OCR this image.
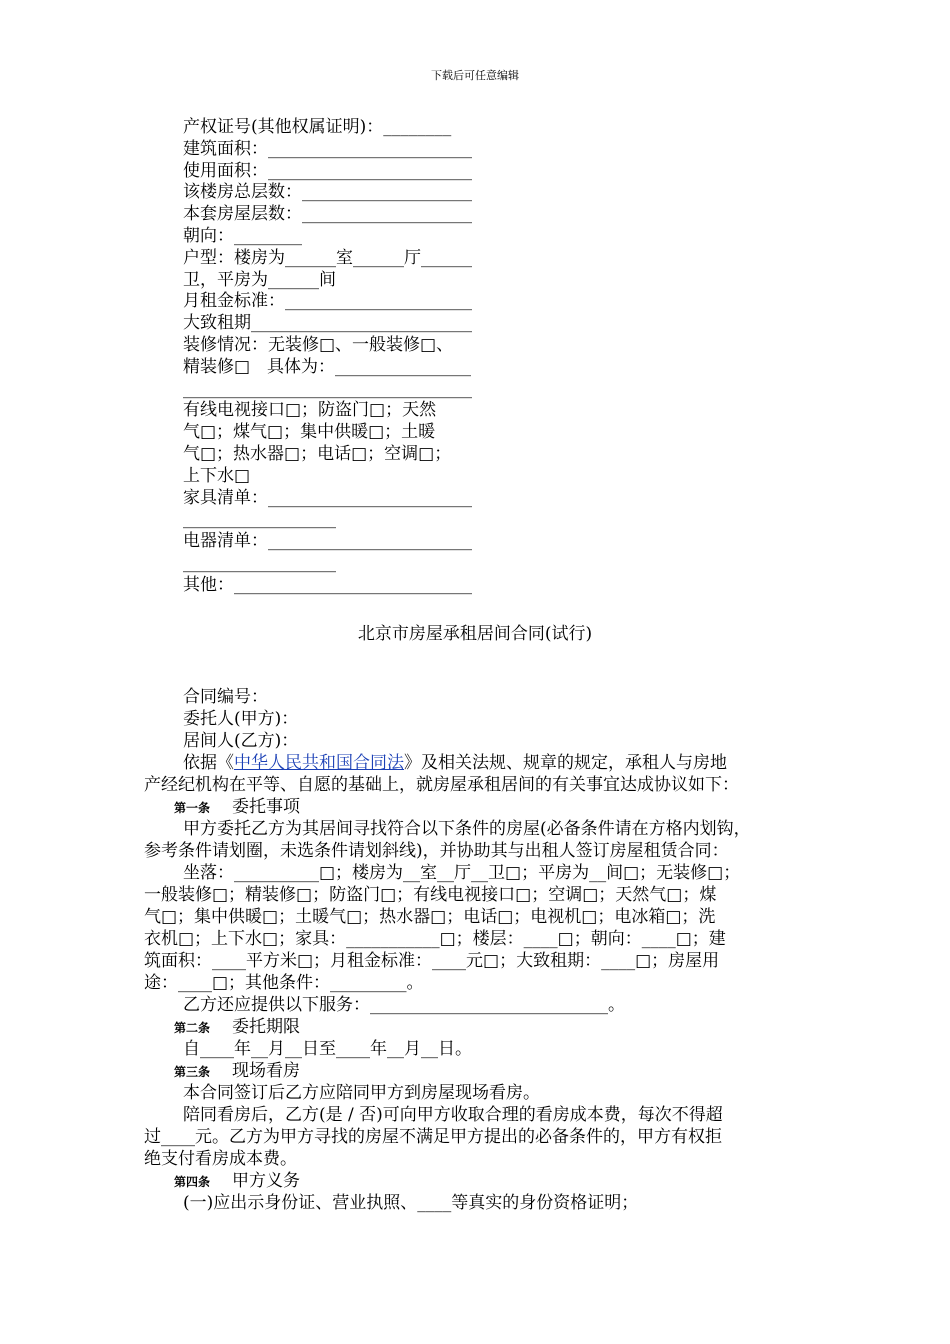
下载后可任意编辑
产权证号(其他权属证明)：________
建筑面积：________________________
使用面积：________________________
该楼房总层数：____________________
本套房屋层数：____________________
朝向：________
户型：楼房为______室______厅______
卫，平房为______间
月租金标准：______________________
大致租期__________________________
装修情况：无装修□、一般装修□、
精装修□　具体为：________________
__________________________________
有线电视接口□；防盗门□；天然
气□；煤气□；集中供暖□；土暖
气□；热水器□；电话□；空调□；
上下水□
家具清单：________________________
__________________
电器清单：________________________
__________________
其他：____________________________
北京市房屋承租居间合同(试行)
合同编号：
委托人(甲方)：
居间人(乙方)：
依据《中华人民共和国合同法》及相关法规、规章的规定，承租人与房地
产经纪机构在平等、自愿的基础上，就房屋承租居间的有关事宜达成协议如下：
第一条 委托事项
甲方委托乙方为其居间寻找符合以下条件的房屋(必备条件请在方格内划钩，
参考条件请划圈，未选条件请划斜线)，并协助其与出租人签订房屋租赁合同：
坐落：__________□；楼房为__室__厅__卫□；平房为__间□；无装修□；
一般装修□；精装修□；防盗门□；有线电视接口□；空调□；天然气□；煤
气□；集中供暖□；土暖气□；热水器□；电话□；电视机□；电冰箱□；洗
衣机□；上下水□；家具：___________□；楼层：____□；朝向：____□；建
筑面积：____平方米□；月租金标准：____元□；大致租期：____□；房屋用
途：____□；其他条件：_________。
乙方还应提供以下服务：____________________________。
第二条 委托期限
自____年__月__日至____年__月__日。
第三条 现场看房
本合同签订后乙方应陪同甲方到房屋现场看房。
陪同看房后，乙方(是 / 否)可向甲方收取合理的看房成本费，每次不得超
过____元。乙方为甲方寻找的房屋不满足甲方提出的必备条件的，甲方有权拒
绝支付看房成本费。
第四条 甲方义务
(一)应出示身份证、营业执照、____等真实的身份资格证明；
